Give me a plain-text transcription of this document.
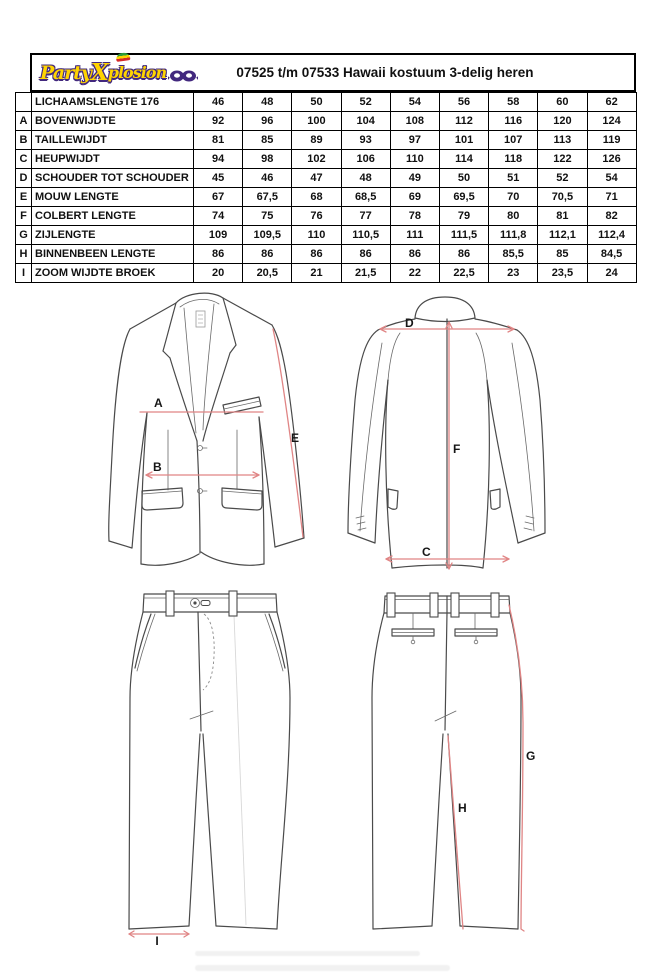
Party X plosion	07525 t/m 07533 Hawaii kostuum 3-delig heren
	LICHAAMSLENGTE 176	46	48	50	52	54	56	58	60	62
A	BOVENWIJDTE	92	96	100	104	108	112	116	120	124
B	TAILLEWIJDT	81	85	89	93	97	101	107	113	119
C	HEUPWIJDT	94	98	102	106	110	114	118	122	126
D	SCHOUDER TOT SCHOUDER	45	46	47	48	49	50	51	52	54
E	MOUW LENGTE	67	67,5	68	68,5	69	69,5	70	70,5	71
F	COLBERT LENGTE	74	75	76	77	78	79	80	81	82
G	ZIJLENGTE	109	109,5	110	110,5	111	111,5	111,8	112,1	112,4
H	BINNENBEEN LENGTE	86	86	86	86	86	86	85,5	85	84,5
I	ZOOM WIJDTE BROEK	20	20,5	21	21,5	22	22,5	23	23,5	24
A
B
E
D
F
C
I
G
H
